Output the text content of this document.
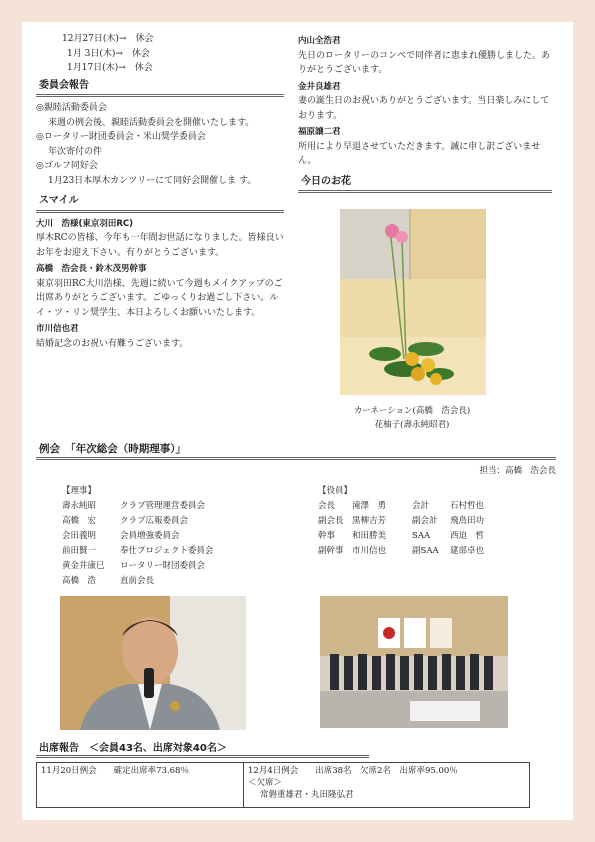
12月27日(木)→　 休会
1月 3日(木)→　 休会
1月17日(木)→　 休会
委員会報告
◎親睦活動委員会
来週の例会後、親睦活動委員会を開催いたします。
◎ロータリー財団委員会・米山奨学委員会
年次寄付の件
◎ゴルフ同好会
1月23日本厚木カンツリーにて同好会開催しま す。
スマイル
大川　浩様(東京羽田RC)
厚木RCの皆様、今年も一年間お世話になりました。皆様良いお年をお迎え下さい。有りがとうございます。
高橋　浩会長・鈴木茂男幹事
東京羽田RC大川浩様、先週に続いて今週もメイクアップのご出席ありがとうございます。ごゆっくりお過ごし下さい。ルイ・ツ・リン奨学生、本日よろしくお願いいたします。
市川信也君
結婚記念のお祝い有難うございます。
内山全浩君
先日のロータリーのコンペで同伴者に恵まれ優勝しました。ありがとうございます。
金井良雄君
妻の誕生日のお祝いありがとうございます。当日楽しみにしております。
福原譲二君
所用により早退させていただきます。誠に申し訳ございません。
今日のお花
カーネーション(高橋　浩会長)
花柚子(壽永純昭君)
例会　「年次総会（時期理事）」
担当：高橋　浩会長
【理事】
壽永純昭	クラブ管理運営委員会
高橋　宏	クラブ広報委員会
会田義明	会員増強委員会
前田賢一	奉仕プロジェクト委員会
黄金井康巳 ロータリー財団委員会
高橋　浩	直前会長
【役員】
会長 滝澤　勇	会計 石村哲也
副会長 黒柳吉芳	副会計 飛鳥田功
幹事 和田勝美	SAA 西迫　哲
副幹事 市川信也	副SAA 建部卓也
出席報告　＜会員43名、出席対象40名＞
11月20日例会　　確定出席率73.68％	12月4日例会　　出席38名　欠席2名　出席率95.00％
＜欠席＞
常磐重雄君・丸田隆弘君
